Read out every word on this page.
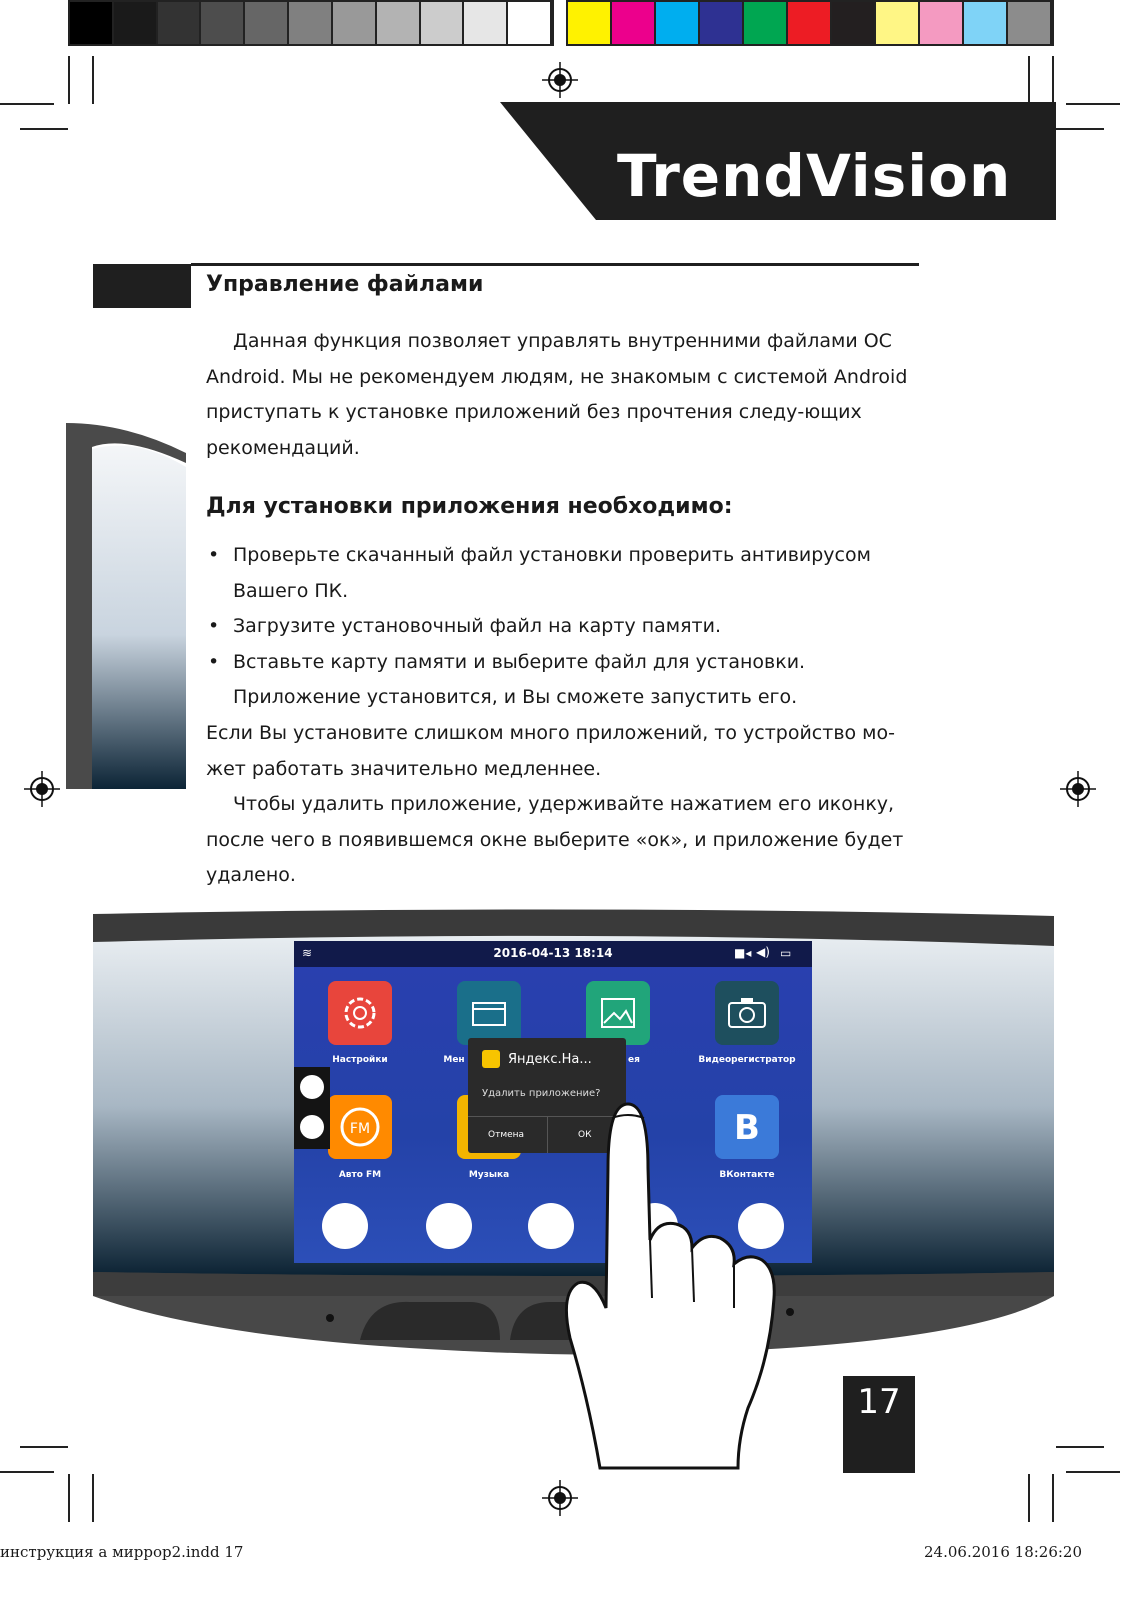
TrendVision
Управление файлами

Данная функция позволяет управлять внутренними файлами ОС Android. Мы не рекомендуем людям, не знакомым с системой Android приступать к установке приложений без прочтения следу-ющих рекомендаций.

Для установки приложения необходимо:
• Проверьте скачанный файл установки проверить антивирусом Вашего ПК.
• Загрузите установочный файл на карту памяти.
• Вставьте карту памяти и выберите файл для установки. Приложение установится, и Вы сможете запустить его.

Если Вы установите слишком много приложений, то устройство мо-жет работать значительно медленнее.

Чтобы удалить приложение, удерживайте нажатием его иконку, после чего в появившемся окне выберите «ок», и приложение будет удалено.

≋	2016-04-13 18:14	■◂ ◀) ▭
Настройки	Мен	ея	Видеорегистратор
FM
Авто FM	Музыка
B
ВКонтакте
Яндекс.На...
Удалить приложение?
Отмена	ОК
17
инструкция а миррор2.indd 17	24.06.2016 18:26:20
